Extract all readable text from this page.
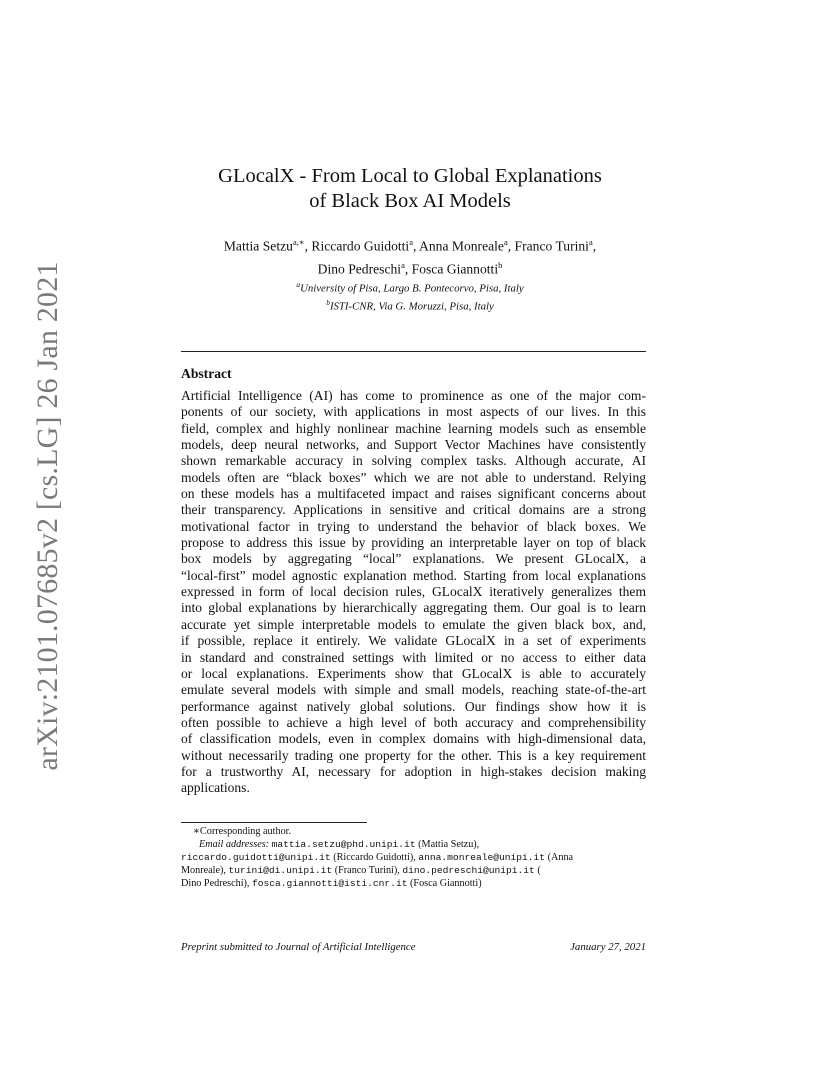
arXiv:2101.07685v2 [cs.LG] 26 Jan 2021
GLocalX - From Local to Global Explanations
of Black Box AI Models
Mattia Setzu$^{a,∗}$, Riccardo Guidotti$^a$, Anna Monreale$^a$, Franco Turini$^a$,
Dino Pedreschi$^a$, Fosca Giannotti$^b$
$^a$University of Pisa, Largo B. Pontecorvo, Pisa, Italy
$^b$ISTI-CNR, Via G. Moruzzi, Pisa, Italy
Abstract
Artificial Intelligence (AI) has come to prominence as one of the major com-
ponents of our society, with applications in most aspects of our lives. In this
field, complex and highly nonlinear machine learning models such as ensemble
models, deep neural networks, and Support Vector Machines have consistently
shown remarkable accuracy in solving complex tasks. Although accurate, AI
models often are “black boxes” which we are not able to understand. Relying
on these models has a multifaceted impact and raises significant concerns about
their transparency. Applications in sensitive and critical domains are a strong
motivational factor in trying to understand the behavior of black boxes. We
propose to address this issue by providing an interpretable layer on top of black
box models by aggregating “local” explanations. We present GLocalX, a
“local-first” model agnostic explanation method. Starting from local explanations
expressed in form of local decision rules, GLocalX iteratively generalizes them
into global explanations by hierarchically aggregating them. Our goal is to learn
accurate yet simple interpretable models to emulate the given black box, and,
if possible, replace it entirely. We validate GLocalX in a set of experiments
in standard and constrained settings with limited or no access to either data
or local explanations. Experiments show that GLocalX is able to accurately
emulate several models with simple and small models, reaching state-of-the-art
performance against natively global solutions. Our findings show how it is
often possible to achieve a high level of both accuracy and comprehensibility
of classification models, even in complex domains with high-dimensional data,
without necessarily trading one property for the other. This is a key requirement
for a trustworthy AI, necessary for adoption in high-stakes decision making
applications.
∗Corresponding author.
Email addresses: mattia.setzu@phd.unipi.it (Mattia Setzu),
riccardo.guidotti@unipi.it (Riccardo Guidotti), anna.monreale@unipi.it (Anna
Monreale), turini@di.unipi.it (Franco Turini), dino.pedreschi@unipi.it (
Dino Pedreschi), fosca.giannotti@isti.cnr.it (Fosca Giannotti)
Preprint submitted to Journal of Artificial Intelligence	January 27, 2021
